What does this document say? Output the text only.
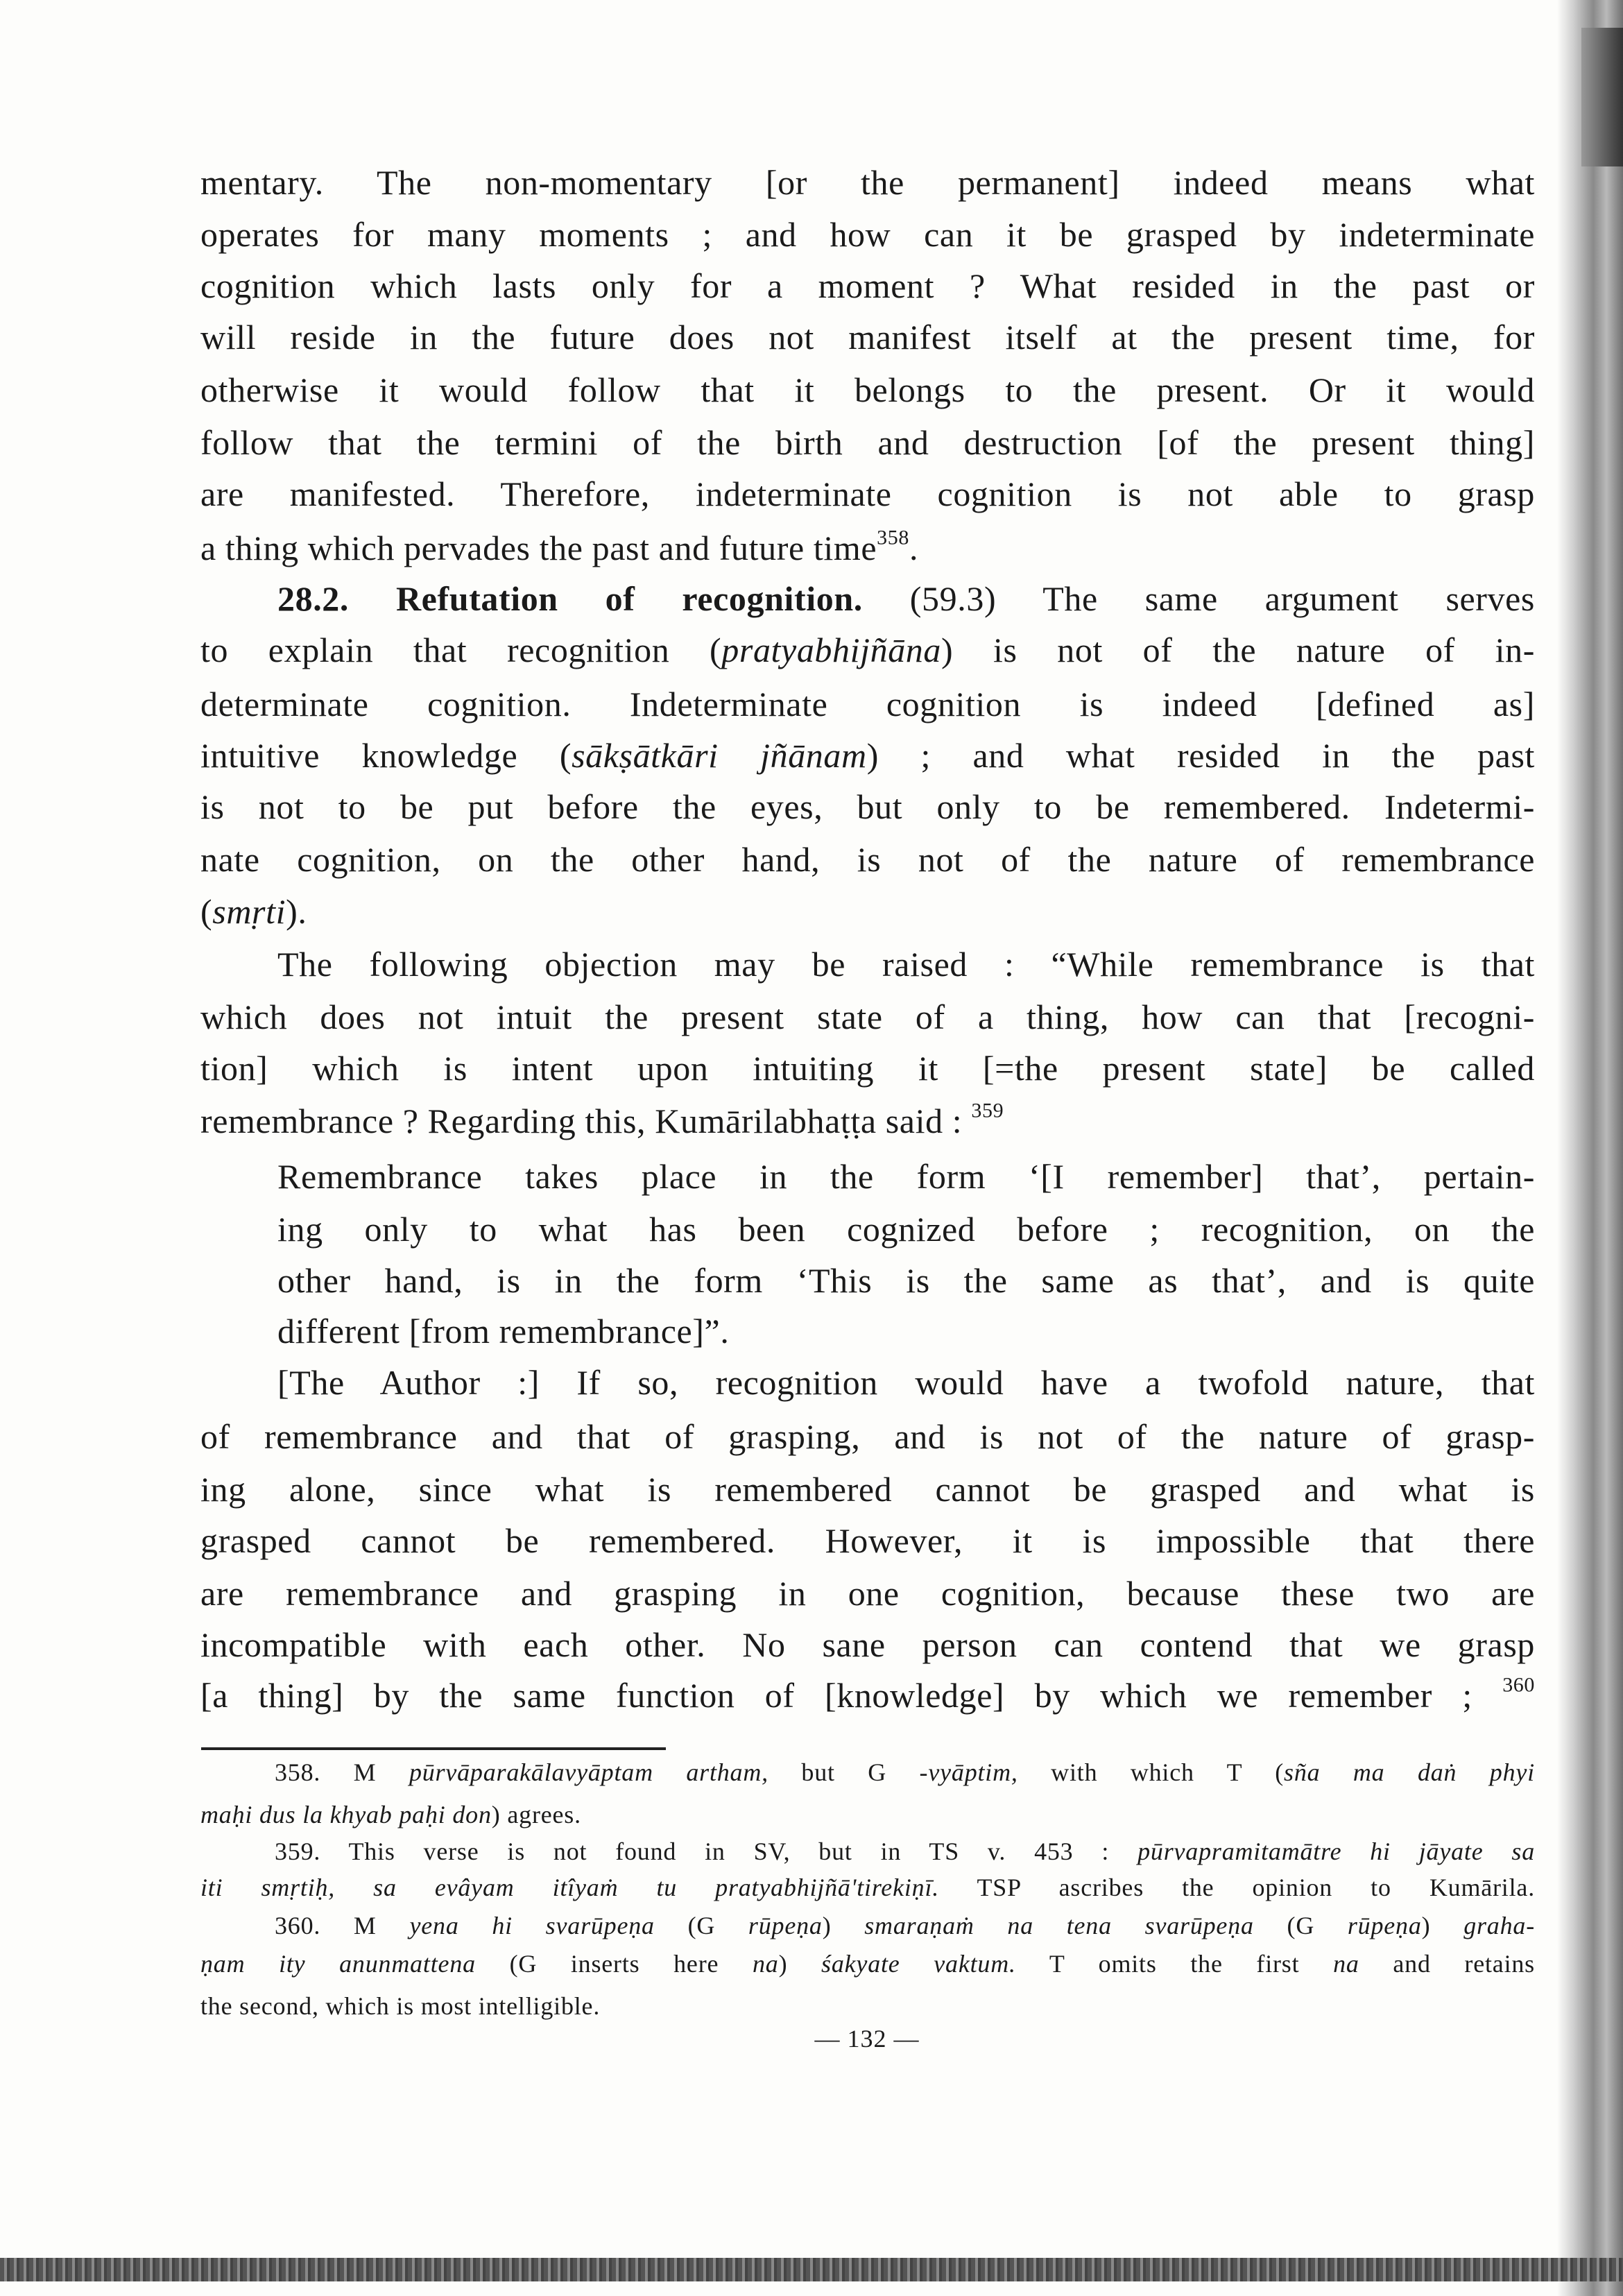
mentary. The non-momentary [or the permanent] indeed means what
operates for many moments ; and how can it be grasped by indeterminate
cognition which lasts only for a moment ? What resided in the past or
will reside in the future does not manifest itself at the present time, for
otherwise it would follow that it belongs to the present. Or it would
follow that the termini of the birth and destruction [of the present thing]
are manifested. Therefore, indeterminate cognition is not able to grasp
a thing which pervades the past and future time$^{358}$.
28.2. Refutation of recognition. (59.3) The same argument serves
to explain that recognition (pratyabhijñāna) is not of the nature of in-
determinate cognition. Indeterminate cognition is indeed [defined as]
intuitive knowledge (sākṣātkāri jñānam) ; and what resided in the past
is not to be put before the eyes, but only to be remembered. Indetermi-
nate cognition, on the other hand, is not of the nature of remembrance
(smṛti).
The following objection may be raised : “While remembrance is that
which does not intuit the present state of a thing, how can that [recogni-
tion] which is intent upon intuiting it [=the present state] be called
remembrance ? Regarding this, Kumārilabhaṭṭa said : $^{359}$
Remembrance takes place in the form ‘[I remember] that’, pertain-
ing only to what has been cognized before ; recognition, on the
other hand, is in the form ‘This is the same as that’, and is quite
different [from remembrance]”.
[The Author :] If so, recognition would have a twofold nature, that
of remembrance and that of grasping, and is not of the nature of grasp-
ing alone, since what is remembered cannot be grasped and what is
grasped cannot be remembered. However, it is impossible that there
are remembrance and grasping in one cognition, because these two are
incompatible with each other. No sane person can contend that we grasp
[a thing] by the same function of [knowledge] by which we remember ; $^{360}$
358. M pūrvāparakālavyāptam artham, but G -vyāptim, with which T (sña ma daṅ phyi
maḥi dus la khyab paḥi don) agrees.
359. This verse is not found in SV, but in TS v. 453 : pūrvapramitamātre hi jāyate sa
iti smṛtiḥ, sa evâyam itîyaṁ tu pratyabhijñā'tirekiṇī. TSP ascribes the opinion to Kumārila.
360. M yena hi svarūpeṇa (G rūpeṇa) smaraṇaṁ na tena svarūpeṇa (G rūpeṇa) graha-
ṇam ity anunmattena (G inserts here na) śakyate vaktum. T omits the first na and retains
the second, which is most intelligible.
— 132 —
